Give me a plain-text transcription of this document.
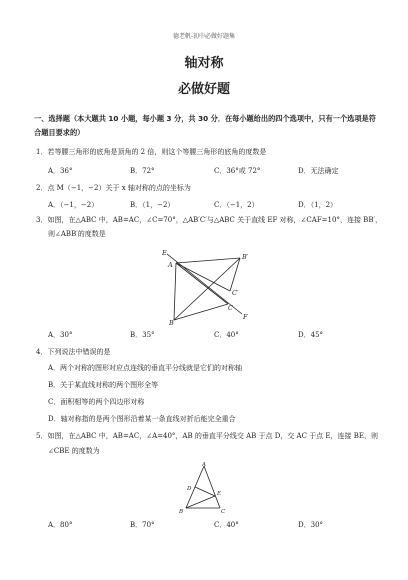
德老帆-初中必做好题集
轴对称
必做好题
一、选择题（本大题共 10 小题，每小题 3 分，共 30 分．在每小题给出的四个选项中，只有一个选项是符
合题目要求的）
1．若等腰三角形的底角是顶角的 2 倍，则这个等腰三角形的底角的度数是
A．36°	B．72°	C．36°或 72°	D．无法确定
2．点 M（−1，−2）关于 x 轴对称的点的坐标为
A．（−1，−2）	B．（1，−2）	C．（−1，2）	D．（1，2）
3．如图，在△ABC 中，AB=AC，∠C=70°，△AB′C′与△ABC 关于直线 EF 对称，∠CAF=10°，连接 BB′，
则∠ABB′的度数是
E
A
B′
C′
F
C
B
A．30°	B．35°	C．40°	D．45°
4．下列说法中错误的是
A．两个对称的图形对应点连线的垂直平分线就是它们的对称轴
B．关于某直线对称的两个图形全等
C．面积相等的两个四边形对称
D．轴对称指的是两个图形沿着某一条直线对折后能完全重合
5．如图，在△ABC 中，AB=AC，∠A=40°，AB 的垂直平分线交 AB 于点 D，交 AC 于点 E，连接 BE，则
∠CBE 的度数为
A
D
E
B	C
A．80°	B．70°	C．40°	D．30°
